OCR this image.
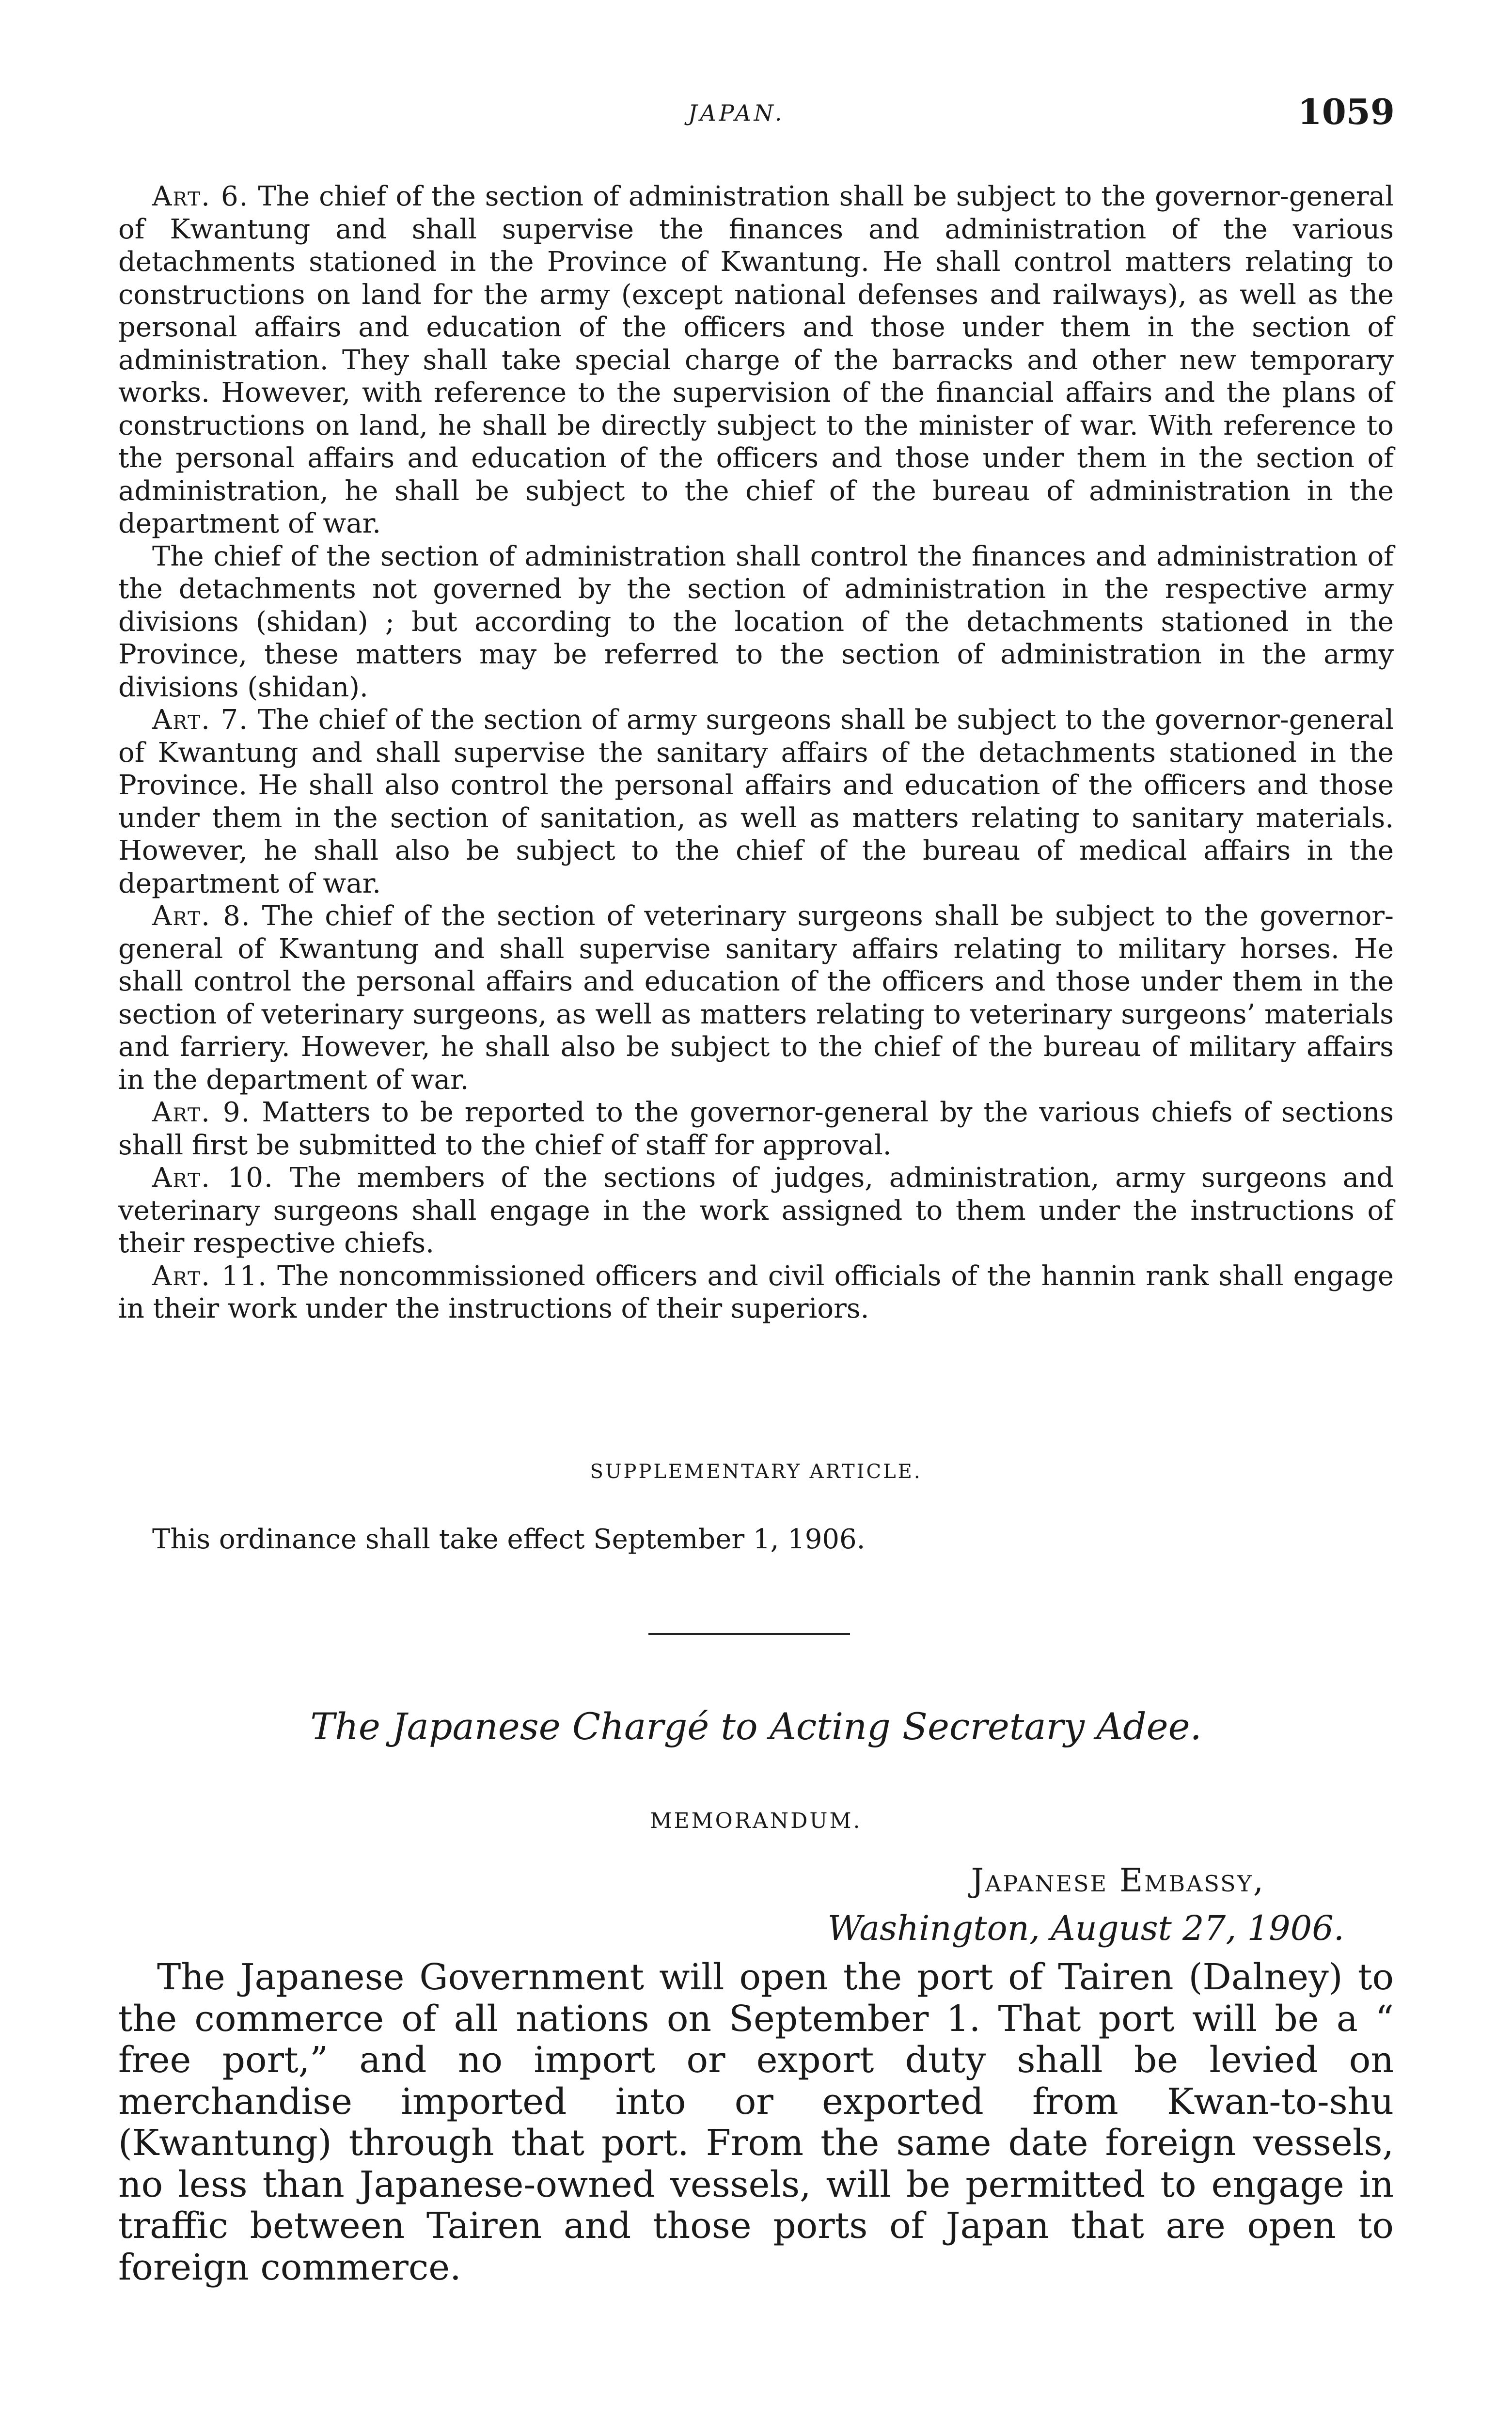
JAPAN.	1059

Art. 6. The chief of the section of administration shall be subject to the governor-general of Kwantung and shall supervise the finances and administration of the various detachments stationed in the Province of Kwantung. He shall control matters relating to constructions on land for the army (except national defenses and railways), as well as the personal affairs and education of the officers and those under them in the section of administration. They shall take special charge of the barracks and other new temporary works. However, with reference to the supervision of the financial affairs and the plans of constructions on land, he shall be directly subject to the minister of war. With reference to the personal affairs and education of the officers and those under them in the section of administration, he shall be subject to the chief of the bureau of administration in the department of war.

The chief of the section of administration shall control the finances and administration of the detachments not governed by the section of administration in the respective army divisions (shidan) ; but according to the location of the detachments stationed in the Province, these matters may be referred to the section of administration in the army divisions (shidan).

Art. 7. The chief of the section of army surgeons shall be subject to the governor-general of Kwantung and shall supervise the sanitary affairs of the detachments stationed in the Province. He shall also control the personal affairs and education of the officers and those under them in the section of sanitation, as well as matters relating to sanitary materials. However, he shall also be subject to the chief of the bureau of medical affairs in the department of war.

Art. 8. The chief of the section of veterinary surgeons shall be subject to the governor-general of Kwantung and shall supervise sanitary affairs relating to military horses. He shall control the personal affairs and education of the officers and those under them in the section of veterinary surgeons, as well as matters relating to veterinary surgeons’ materials and farriery. However, he shall also be subject to the chief of the bureau of military affairs in the department of war.

Art. 9. Matters to be reported to the governor-general by the various chiefs of sections shall first be submitted to the chief of staff for approval.

Art. 10. The members of the sections of judges, administration, army surgeons and veterinary surgeons shall engage in the work assigned to them under the instructions of their respective chiefs.

Art. 11. The noncommissioned officers and civil officials of the hannin rank shall engage in their work under the instructions of their superiors.

SUPPLEMENTARY ARTICLE.
This ordinance shall take effect September 1, 1906.
The Japanese Chargé to Acting Secretary Adee.
MEMORANDUM.
Japanese Embassy,
Washington, August 27, 1906.

The Japanese Government will open the port of Tairen (Dalney) to the commerce of all nations on September 1. That port will be a “ free port,” and no import or export duty shall be levied on merchandise imported into or exported from Kwan-to-shu (Kwantung) through that port. From the same date foreign vessels, no less than Japanese-owned vessels, will be permitted to engage in traffic between Tairen and those ports of Japan that are open to foreign commerce.
